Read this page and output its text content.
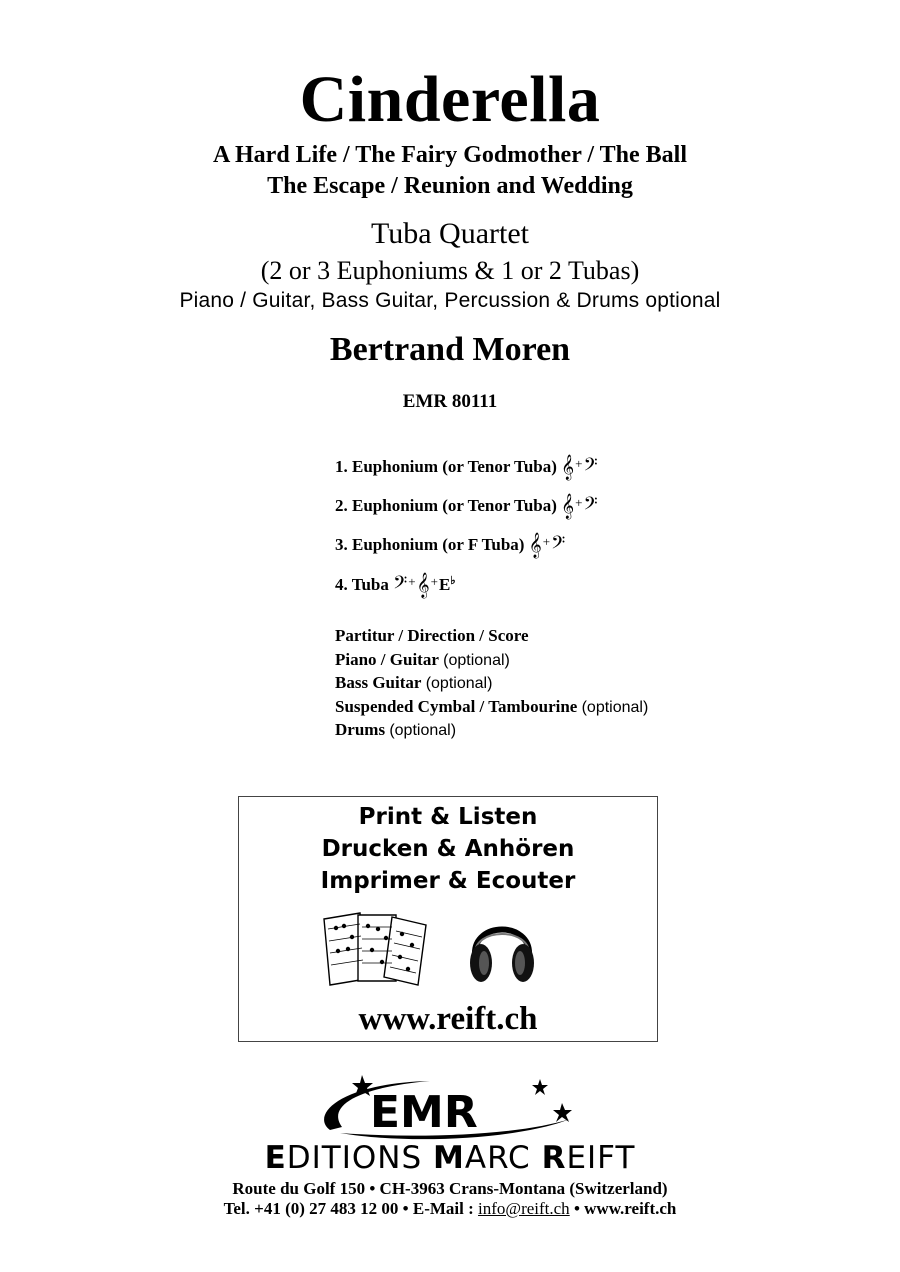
Cinderella
A Hard Life / The Fairy Godmother / The Ball
The Escape / Reunion and Wedding
Tuba Quartet
(2 or 3 Euphoniums & 1 or 2 Tubas)
Piano / Guitar, Bass Guitar, Percussion & Drums optional
Bertrand Moren
EMR 80111
1. Euphonium (or Tenor Tuba) 𝄞+𝄢
2. Euphonium (or Tenor Tuba) 𝄞+𝄢
3. Euphonium (or F Tuba) 𝄞+𝄢
4. Tuba 𝄢+𝄞+E♭
Partitur / Direction / Score
Piano / Guitar (optional)
Bass Guitar (optional)
Suspended Cymbal / Tambourine (optional)
Drums (optional)
Print & Listen
Drucken & Anhören
Imprimer & Ecouter
www.reift.ch
EMR
EDITIONS MARC REIFT
Route du Golf 150 • CH-3963 Crans-Montana (Switzerland)
Tel. +41 (0) 27 483 12 00 • E-Mail : info@reift.ch • www.reift.ch
